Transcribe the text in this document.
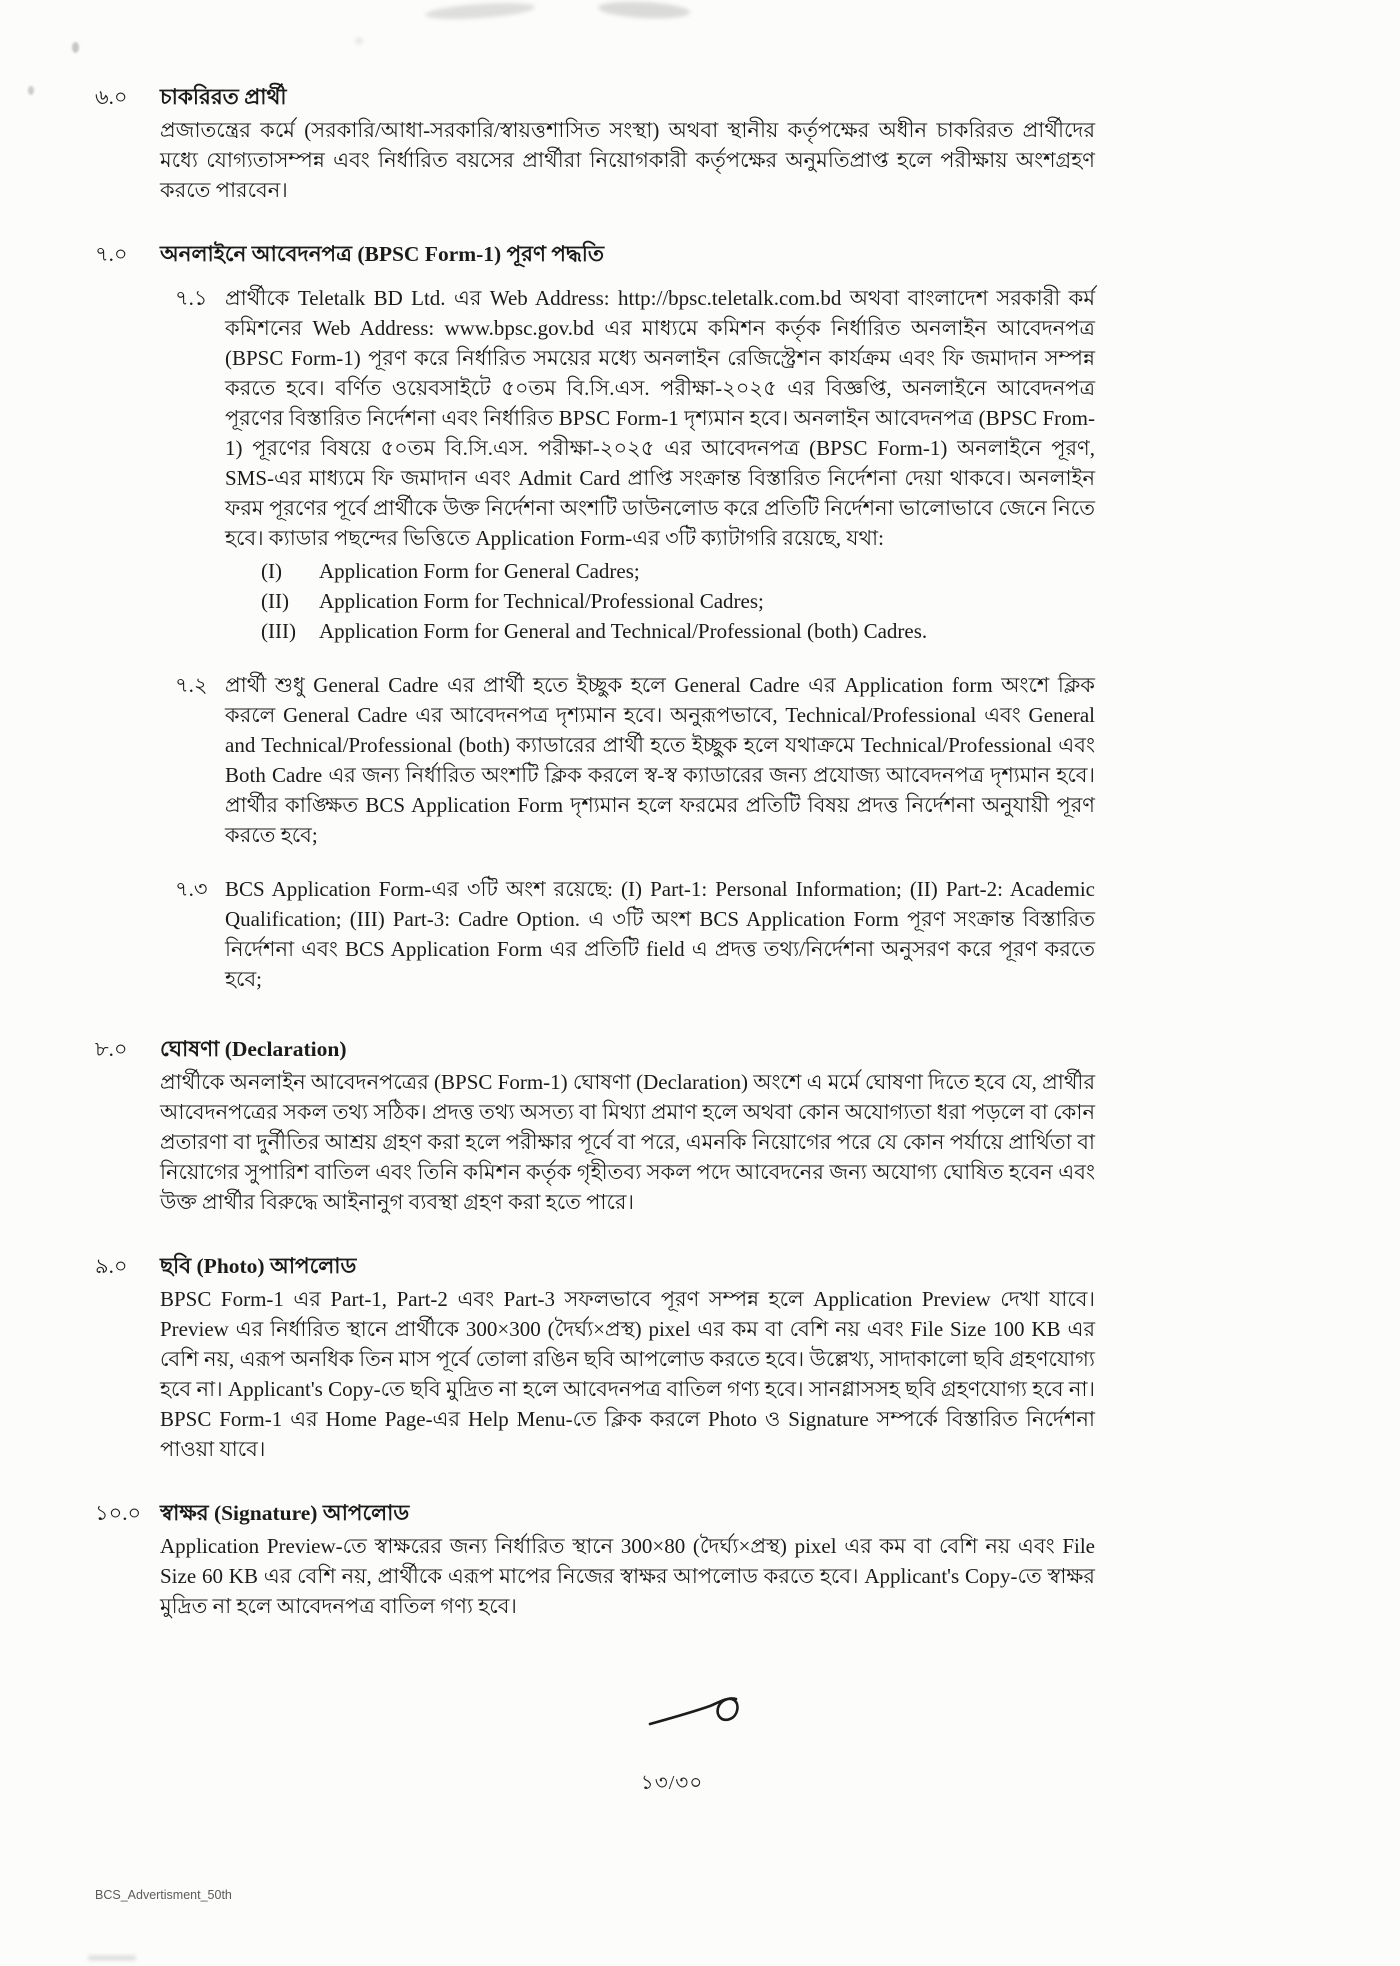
৬.০	চাকরিরত প্রার্থী
প্রজাতন্ত্রের কর্মে (সরকারি/আধা-সরকারি/স্বায়ত্তশাসিত সংস্থা) অথবা স্থানীয় কর্তৃপক্ষের অধীন চাকরিরত প্রার্থীদের মধ্যে যোগ্যতাসম্পন্ন এবং নির্ধারিত বয়সের প্রার্থীরা নিয়োগকারী কর্তৃপক্ষের অনুমতিপ্রাপ্ত হলে পরীক্ষায় অংশগ্রহণ করতে পারবেন।
৭.০	অনলাইনে আবেদনপত্র (BPSC Form-1) পূরণ পদ্ধতি
৭.১ প্রার্থীকে Teletalk BD Ltd. এর Web Address: http://bpsc.teletalk.com.bd অথবা বাংলাদেশ সরকারী কর্ম কমিশনের Web Address: www.bpsc.gov.bd এর মাধ্যমে কমিশন কর্তৃক নির্ধারিত অনলাইন আবেদনপত্র (BPSC Form-1) পূরণ করে নির্ধারিত সময়ের মধ্যে অনলাইন রেজিস্ট্রেশন কার্যক্রম এবং ফি জমাদান সম্পন্ন করতে হবে। বর্ণিত ওয়েবসাইটে ৫০তম বি.সি.এস. পরীক্ষা-২০২৫ এর বিজ্ঞপ্তি, অনলাইনে আবেদনপত্র পূরণের বিস্তারিত নির্দেশনা এবং নির্ধারিত BPSC Form-1 দৃশ্যমান হবে। অনলাইন আবেদনপত্র (BPSC From-1) পূরণের বিষয়ে ৫০তম বি.সি.এস. পরীক্ষা-২০২৫ এর আবেদনপত্র (BPSC Form-1) অনলাইনে পূরণ, SMS-এর মাধ্যমে ফি জমাদান এবং Admit Card প্রাপ্তি সংক্রান্ত বিস্তারিত নির্দেশনা দেয়া থাকবে। অনলাইন ফরম পূরণের পূর্বে প্রার্থীকে উক্ত নির্দেশনা অংশটি ডাউনলোড করে প্রতিটি নির্দেশনা ভালোভাবে জেনে নিতে হবে। ক্যাডার পছন্দের ভিত্তিতে Application Form-এর ৩টি ক্যাটাগরি রয়েছে, যথা:
(I)	Application Form for General Cadres;
(II)	Application Form for Technical/Professional Cadres;
(III)	Application Form for General and Technical/Professional (both) Cadres.
৭.২ প্রার্থী শুধু General Cadre এর প্রার্থী হতে ইচ্ছুক হলে General Cadre এর Application form অংশে ক্লিক করলে General Cadre এর আবেদনপত্র দৃশ্যমান হবে। অনুরূপভাবে, Technical/Professional এবং General and Technical/Professional (both) ক্যাডারের প্রার্থী হতে ইচ্ছুক হলে যথাক্রমে Technical/Professional এবং Both Cadre এর জন্য নির্ধারিত অংশটি ক্লিক করলে স্ব-স্ব ক্যাডারের জন্য প্রযোজ্য আবেদনপত্র দৃশ্যমান হবে। প্রার্থীর কাঙ্ক্ষিত BCS Application Form দৃশ্যমান হলে ফরমের প্রতিটি বিষয় প্রদত্ত নির্দেশনা অনুযায়ী পূরণ করতে হবে;
৭.৩ BCS Application Form-এর ৩টি অংশ রয়েছে: (I) Part-1: Personal Information; (II) Part-2: Academic Qualification; (III) Part-3: Cadre Option. এ ৩টি অংশ BCS Application Form পূরণ সংক্রান্ত বিস্তারিত নির্দেশনা এবং BCS Application Form এর প্রতিটি field এ প্রদত্ত তথ্য/নির্দেশনা অনুসরণ করে পূরণ করতে হবে;
৮.০	ঘোষণা (Declaration)
প্রার্থীকে অনলাইন আবেদনপত্রের (BPSC Form-1) ঘোষণা (Declaration) অংশে এ মর্মে ঘোষণা দিতে হবে যে, প্রার্থীর আবেদনপত্রের সকল তথ্য সঠিক। প্রদত্ত তথ্য অসত্য বা মিথ্যা প্রমাণ হলে অথবা কোন অযোগ্যতা ধরা পড়লে বা কোন প্রতারণা বা দুর্নীতির আশ্রয় গ্রহণ করা হলে পরীক্ষার পূর্বে বা পরে, এমনকি নিয়োগের পরে যে কোন পর্যায়ে প্রার্থিতা বা নিয়োগের সুপারিশ বাতিল এবং তিনি কমিশন কর্তৃক গৃহীতব্য সকল পদে আবেদনের জন্য অযোগ্য ঘোষিত হবেন এবং উক্ত প্রার্থীর বিরুদ্ধে আইনানুগ ব্যবস্থা গ্রহণ করা হতে পারে।
৯.০	ছবি (Photo) আপলোড
BPSC Form-1 এর Part-1, Part-2 এবং Part-3 সফলভাবে পূরণ সম্পন্ন হলে Application Preview দেখা যাবে। Preview এর নির্ধারিত স্থানে প্রার্থীকে 300×300 (দৈর্ঘ্য×প্রস্থ) pixel এর কম বা বেশি নয় এবং File Size 100 KB এর বেশি নয়, এরূপ অনধিক তিন মাস পূর্বে তোলা রঙিন ছবি আপলোড করতে হবে। উল্লেখ্য, সাদাকালো ছবি গ্রহণযোগ্য হবে না। Applicant's Copy-তে ছবি মুদ্রিত না হলে আবেদনপত্র বাতিল গণ্য হবে। সানগ্লাসসহ ছবি গ্রহণযোগ্য হবে না। BPSC Form-1 এর Home Page-এর Help Menu-তে ক্লিক করলে Photo ও Signature সম্পর্কে বিস্তারিত নির্দেশনা পাওয়া যাবে।
১০.০ স্বাক্ষর (Signature) আপলোড
Application Preview-তে স্বাক্ষরের জন্য নির্ধারিত স্থানে 300×80 (দৈর্ঘ্য×প্রস্থ) pixel এর কম বা বেশি নয় এবং File Size 60 KB এর বেশি নয়, প্রার্থীকে এরূপ মাপের নিজের স্বাক্ষর আপলোড করতে হবে। Applicant's Copy-তে স্বাক্ষর মুদ্রিত না হলে আবেদনপত্র বাতিল গণ্য হবে।
১৩/৩০
BCS_Advertisment_50th
